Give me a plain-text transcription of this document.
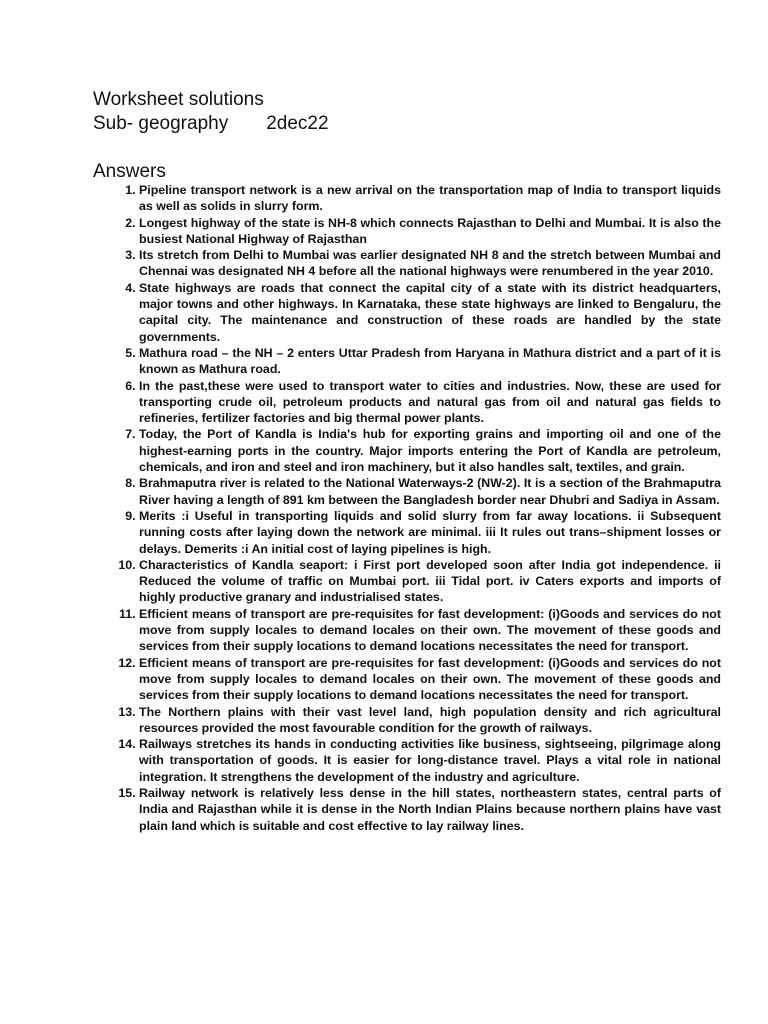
Worksheet solutions
Sub- geography 2dec22
Answers
1. Pipeline transport network is a new arrival on the transportation map of India to transport liquids as well as solids in slurry form.
2. Longest highway of the state is NH-8 which connects Rajasthan to Delhi and Mumbai. It is also the busiest National Highway of Rajasthan
3. Its stretch from Delhi to Mumbai was earlier designated NH 8 and the stretch between Mumbai and Chennai was designated NH 4 before all the national highways were renumbered in the year 2010.
4. State highways are roads that connect the capital city of a state with its district headquarters, major towns and other highways. In Karnataka, these state highways are linked to Bengaluru, the capital city. The maintenance and construction of these roads are handled by the state governments.
5. Mathura road – the NH – 2 enters Uttar Pradesh from Haryana in Mathura district and a part of it is known as Mathura road.
6. In the past,these were used to transport water to cities and industries. Now, these are used for transporting crude oil, petroleum products and natural gas from oil and natural gas fields to refineries, fertilizer factories and big thermal power plants.
7. Today, the Port of Kandla is India's hub for exporting grains and importing oil and one of the highest-earning ports in the country. Major imports entering the Port of Kandla are petroleum, chemicals, and iron and steel and iron machinery, but it also handles salt, textiles, and grain.
8. Brahmaputra river is related to the National Waterways-2 (NW-2). It is a section of the Brahmaputra River having a length of 891 km between the Bangladesh border near Dhubri and Sadiya in Assam.
9. Merits :i Useful in transporting liquids and solid slurry from far away locations. ii Subsequent running costs after laying down the network are minimal. iii It rules out trans–shipment losses or delays. Demerits :i An initial cost of laying pipelines is high.
10. Characteristics of Kandla seaport: i First port developed soon after India got independence. ii Reduced the volume of traffic on Mumbai port. iii Tidal port. iv Caters exports and imports of highly productive granary and industrialised states.
11. Efficient means of transport are pre-requisites for fast development: (i)Goods and services do not move from supply locales to demand locales on their own. The movement of these goods and services from their supply locations to demand locations necessitates the need for transport.
12. Efficient means of transport are pre-requisites for fast development: (i)Goods and services do not move from supply locales to demand locales on their own. The movement of these goods and services from their supply locations to demand locations necessitates the need for transport.
13. The Northern plains with their vast level land, high population density and rich agricultural resources provided the most favourable condition for the growth of railways.
14. Railways stretches its hands in conducting activities like business, sightseeing, pilgrimage along with transportation of goods. It is easier for long-distance travel. Plays a vital role in national integration. It strengthens the development of the industry and agriculture.
15. Railway network is relatively less dense in the hill states, northeastern states, central parts of India and Rajasthan while it is dense in the North Indian Plains because northern plains have vast plain land which is suitable and cost effective to lay railway lines.
